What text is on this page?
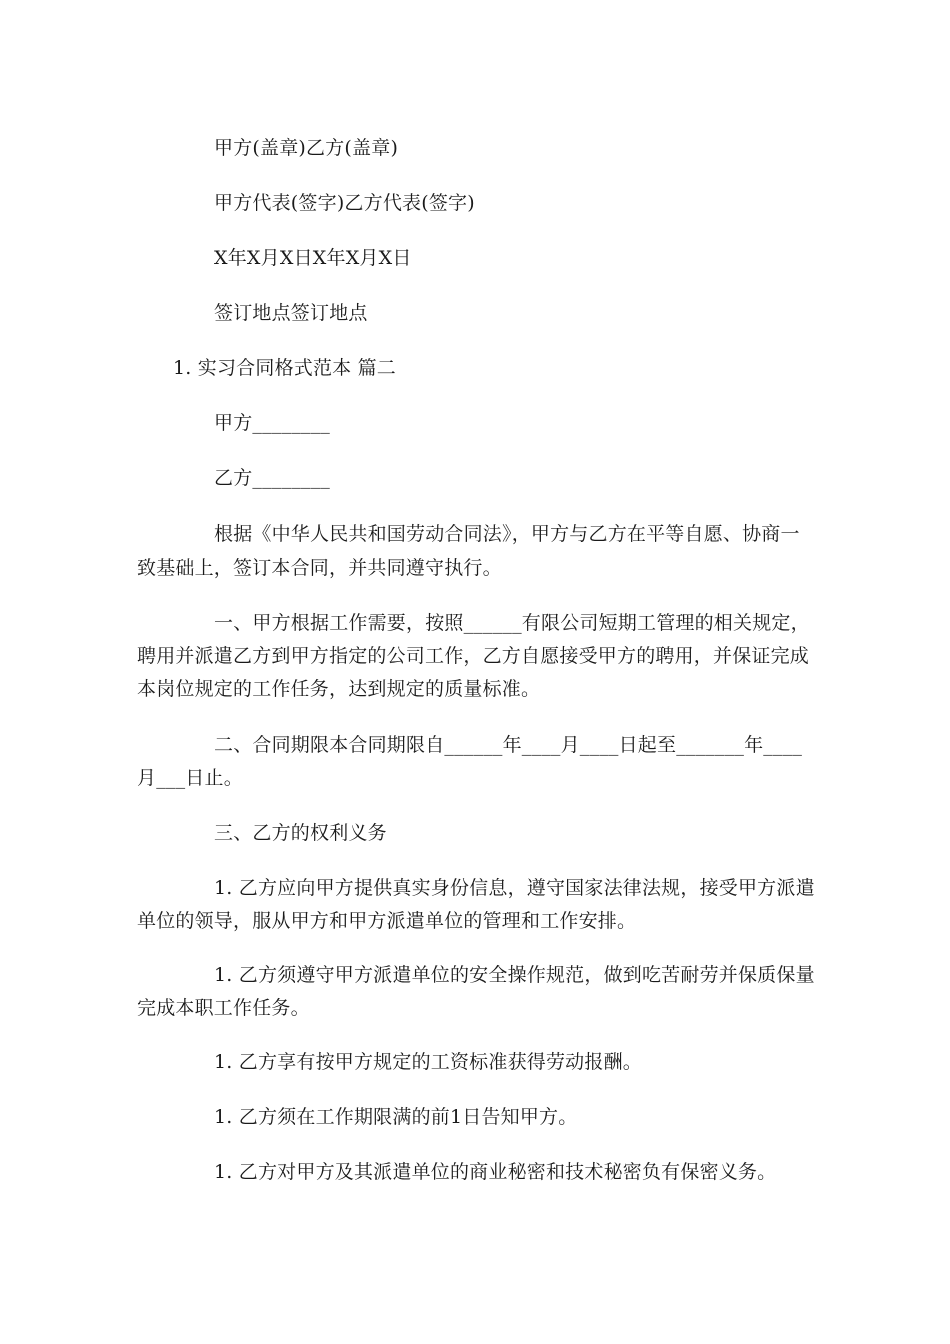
甲方(盖章)乙方(盖章)
甲方代表(签字)乙方代表(签字)
X年X月X日X年X月X日
签订地点签订地点
1. 实习合同格式范本 篇二
甲方________
乙方________
根据《中华人民共和国劳动合同法》，甲方与乙方在平等自愿、协商一
致基础上，签订本合同，并共同遵守执行。
一、甲方根据工作需要，按照______有限公司短期工管理的相关规定，
聘用并派遣乙方到甲方指定的公司工作，乙方自愿接受甲方的聘用，并保证完成
本岗位规定的工作任务，达到规定的质量标准。
二、合同期限本合同期限自______年____月____日起至_______年____
月___日止。
三、乙方的权利义务
1. 乙方应向甲方提供真实身份信息，遵守国家法律法规，接受甲方派遣
单位的领导，服从甲方和甲方派遣单位的管理和工作安排。
1. 乙方须遵守甲方派遣单位的安全操作规范，做到吃苦耐劳并保质保量
完成本职工作任务。
1. 乙方享有按甲方规定的工资标准获得劳动报酬。
1. 乙方须在工作期限满的前1日告知甲方。
1. 乙方对甲方及其派遣单位的商业秘密和技术秘密负有保密义务。
